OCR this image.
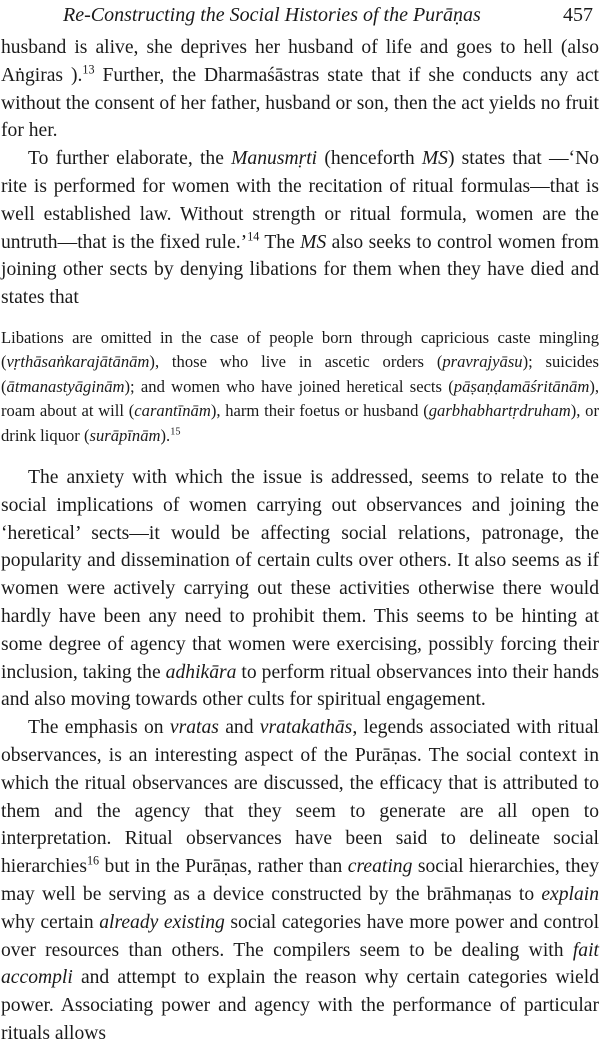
Re-Constructing the Social Histories of the Purāṇas	457

husband is alive, she deprives her husband of life and goes to hell (also Aṅgiras ).$^{13}$ Further, the Dharmaśāstras state that if she conducts any act without the consent of her father, husband or son, then the act yields no fruit for her.

To further elaborate, the Manusmṛti (henceforth MS) states that —‘No rite is performed for women with the recitation of ritual formulas—that is well established law. Without strength or ritual formula, women are the untruth—that is the fixed rule.’$^{14}$ The MS also seeks to control women from joining other sects by denying libations for them when they have died and states that

Libations are omitted in the case of people born through capricious caste mingling (vṛthāsaṅkarajātānām), those who live in ascetic orders (pravrajyāsu); suicides (ātmanastyāginām); and women who have joined heretical sects (pāṣaṇḍamāśritānām), roam about at will (carantīnām), harm their foetus or husband (garbhabhartṛdruham), or drink liquor (surāpīnām).$^{15}$

The anxiety with which the issue is addressed, seems to relate to the social implications of women carrying out observances and joining the ‘heretical’ sects—it would be affecting social relations, patronage, the popularity and dissemination of certain cults over others. It also seems as if women were actively carrying out these activities otherwise there would hardly have been any need to prohibit them. This seems to be hinting at some degree of agency that women were exercising, possibly forcing their inclusion, taking the adhikāra to perform ritual observances into their hands and also moving towards other cults for spiritual engagement.

The emphasis on vratas and vratakathās, legends associated with ritual observances, is an interesting aspect of the Purāṇas. The social context in which the ritual observances are discussed, the efficacy that is attributed to them and the agency that they seem to generate are all open to interpretation. Ritual observances have been said to delineate social hierarchies$^{16}$ but in the Purāṇas, rather than creating social hierarchies, they may well be serving as a device constructed by the brāhmaṇas to explain why certain already existing social categories have more power and control over resources than others. The compilers seem to be dealing with fait accompli and attempt to explain the reason why certain categories wield power. Associating power and agency with the performance of particular rituals allows
